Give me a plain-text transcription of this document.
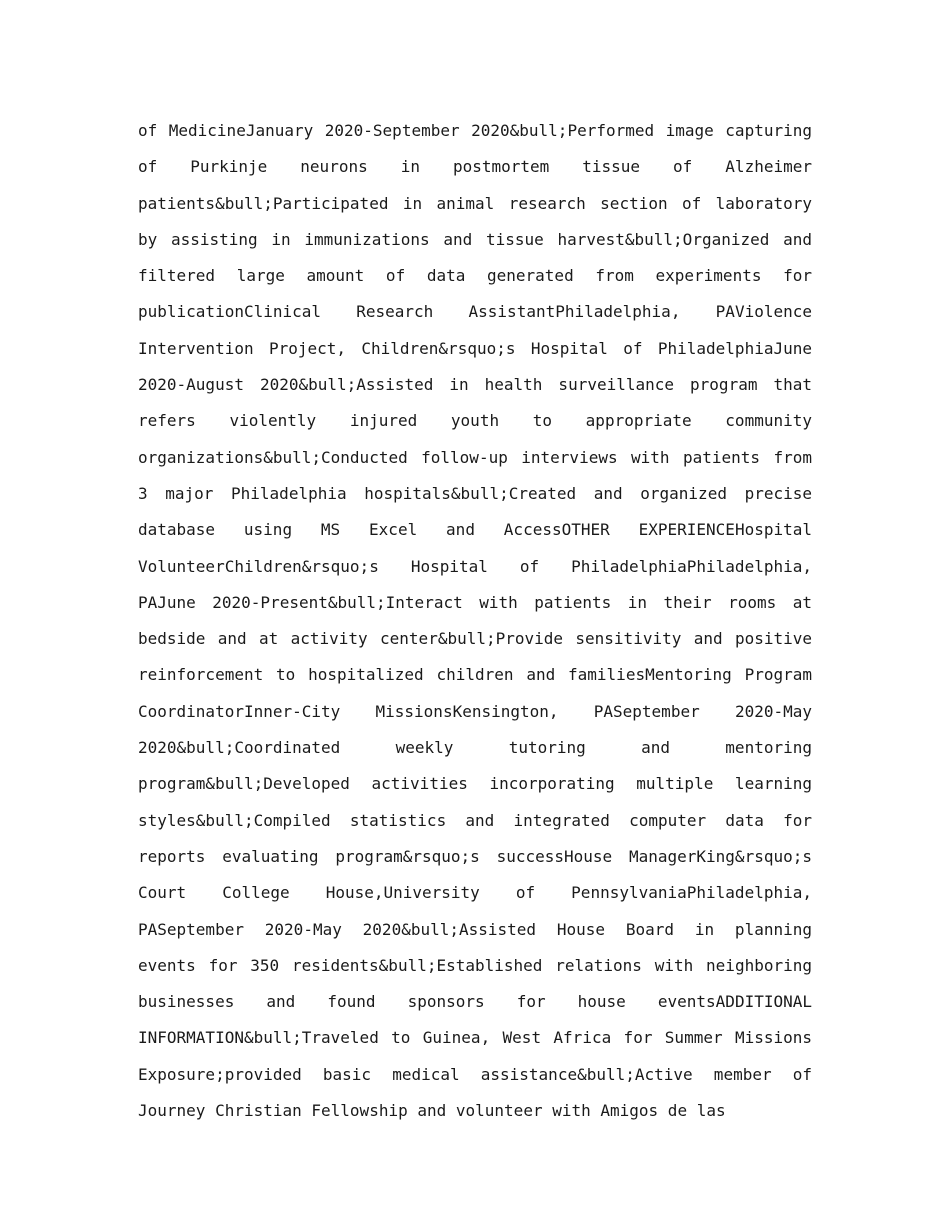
of MedicineJanuary 2020-September 2020&bull;Performed image capturing of Purkinje neurons in postmortem tissue of Alzheimer patients&bull;Participated in animal research section of laboratory by assisting in immunizations and tissue harvest&bull;Organized and filtered large amount of data generated from experiments for publicationClinical Research AssistantPhiladelphia, PAViolence Intervention Project, Children&rsquo;s Hospital of PhiladelphiaJune 2020-August 2020&bull;Assisted in health surveillance program that refers violently injured youth to appropriate community organizations&bull;Conducted follow-up interviews with patients from 3 major Philadelphia hospitals&bull;Created and organized precise database using MS Excel and AccessOTHER EXPERIENCEHospital VolunteerChildren&rsquo;s Hospital of PhiladelphiaPhiladelphia, PAJune 2020-Present&bull;Interact with patients in their rooms at bedside and at activity center&bull;Provide sensitivity and positive reinforcement to hospitalized children and familiesMentoring Program CoordinatorInner-City MissionsKensington, PASeptember 2020-May 2020&bull;Coordinated weekly tutoring and mentoring program&bull;Developed activities incorporating multiple learning styles&bull;Compiled statistics and integrated computer data for reports evaluating program&rsquo;s successHouse ManagerKing&rsquo;s Court College House,University of PennsylvaniaPhiladelphia, PASeptember 2020-May 2020&bull;Assisted House Board in planning events for 350 residents&bull;Established relations with neighboring businesses and found sponsors for house eventsADDITIONAL INFORMATION&bull;Traveled to Guinea, West Africa for Summer Missions Exposure;provided basic medical assistance&bull;Active member of Journey Christian Fellowship and volunteer with Amigos de las
